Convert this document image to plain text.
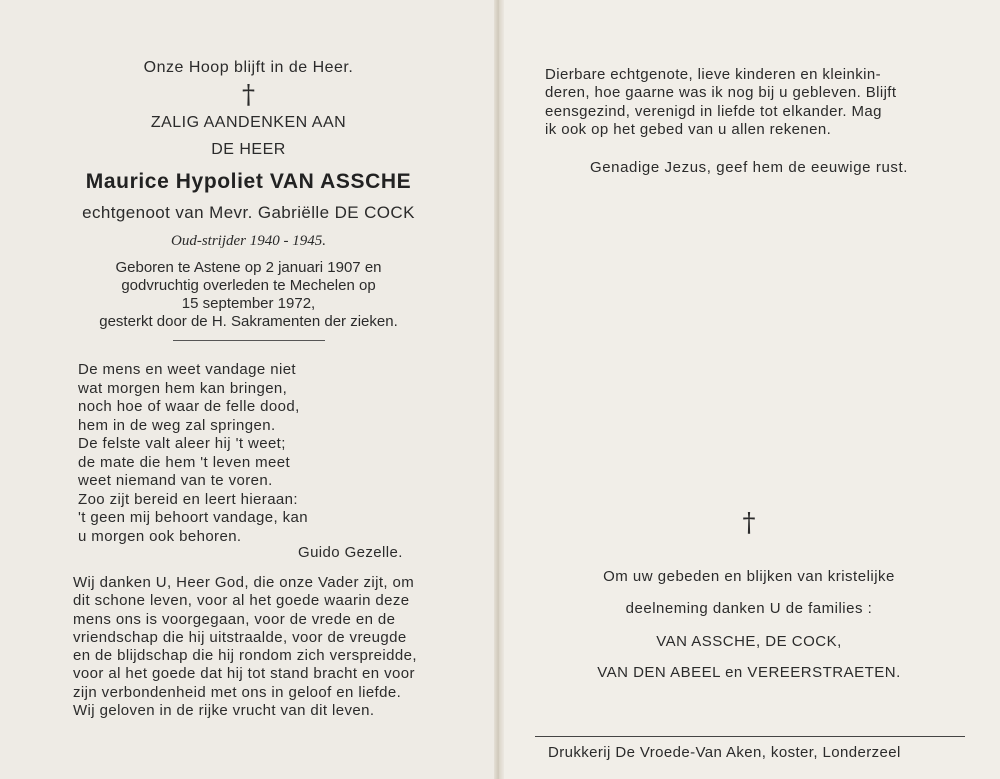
Onze Hoop blijft in de Heer.
†
ZALIG AANDENKEN AAN
DE HEER
Maurice Hypoliet VAN ASSCHE
echtgenoot van Mevr. Gabriëlle DE COCK
Oud-strijder 1940 - 1945.
Geboren te Astene op 2 januari 1907 en
godvruchtig overleden te Mechelen op
15 september 1972,
gesterkt door de H. Sakramenten der zieken.
De mens en weet vandage niet
wat morgen hem kan bringen,
noch hoe of waar de felle dood,
hem in de weg zal springen.
De felste valt aleer hij 't weet;
de mate die hem 't leven meet
weet niemand van te voren.
Zoo zijt bereid en leert hieraan:
't geen mij behoort vandage, kan
u morgen ook behoren.
Guido Gezelle.
Wij danken U, Heer God, die onze Vader zijt, om
dit schone leven, voor al het goede waarin deze
mens ons is voorgegaan, voor de vrede en de
vriendschap die hij uitstraalde, voor de vreugde
en de blijdschap die hij rondom zich verspreidde,
voor al het goede dat hij tot stand bracht en voor
zijn verbondenheid met ons in geloof en liefde.
Wij geloven in de rijke vrucht van dit leven.
Dierbare echtgenote, lieve kinderen en kleinkin-
deren, hoe gaarne was ik nog bij u gebleven. Blijft
eensgezind, verenigd in liefde tot elkander. Mag
ik ook op het gebed van u allen rekenen.
Genadige Jezus, geef hem de eeuwige rust.
†
Om uw gebeden en blijken van kristelijke
deelneming danken U de families :
VAN ASSCHE, DE COCK,
VAN DEN ABEEL en VEREERSTRAETEN.
Drukkerij De Vroede-Van Aken, koster, Londerzeel
